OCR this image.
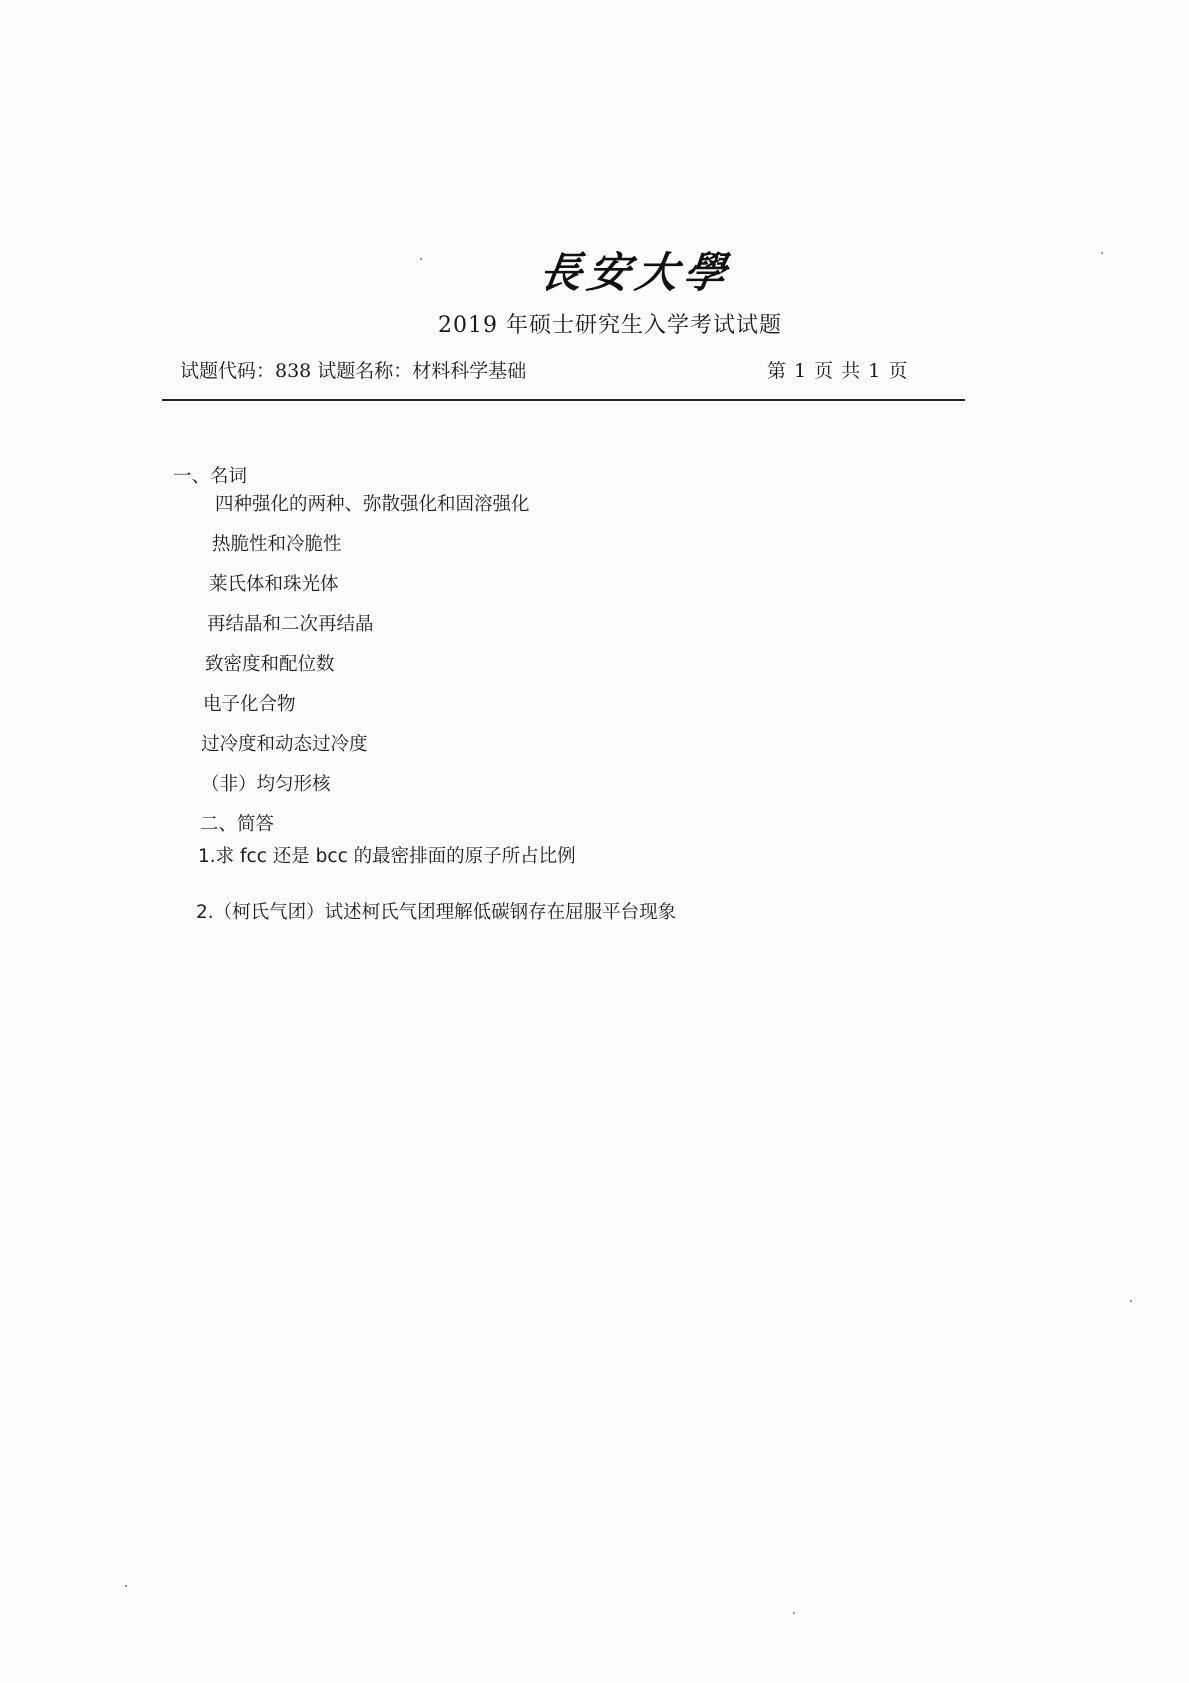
長安大學
2019 年硕士研究生入学考试试题
试题代码：838 试题名称：材料科学基础	第 1 页 共 1 页
一、名词
四种强化的两种、弥散强化和固溶强化
热脆性和冷脆性
莱氏体和珠光体
再结晶和二次再结晶
致密度和配位数
电子化合物
过冷度和动态过冷度
（非）均匀形核
二、简答
1.求 fcc 还是 bcc 的最密排面的原子所占比例
2.（柯氏气团）试述柯氏气团理解低碳钢存在屈服平台现象
